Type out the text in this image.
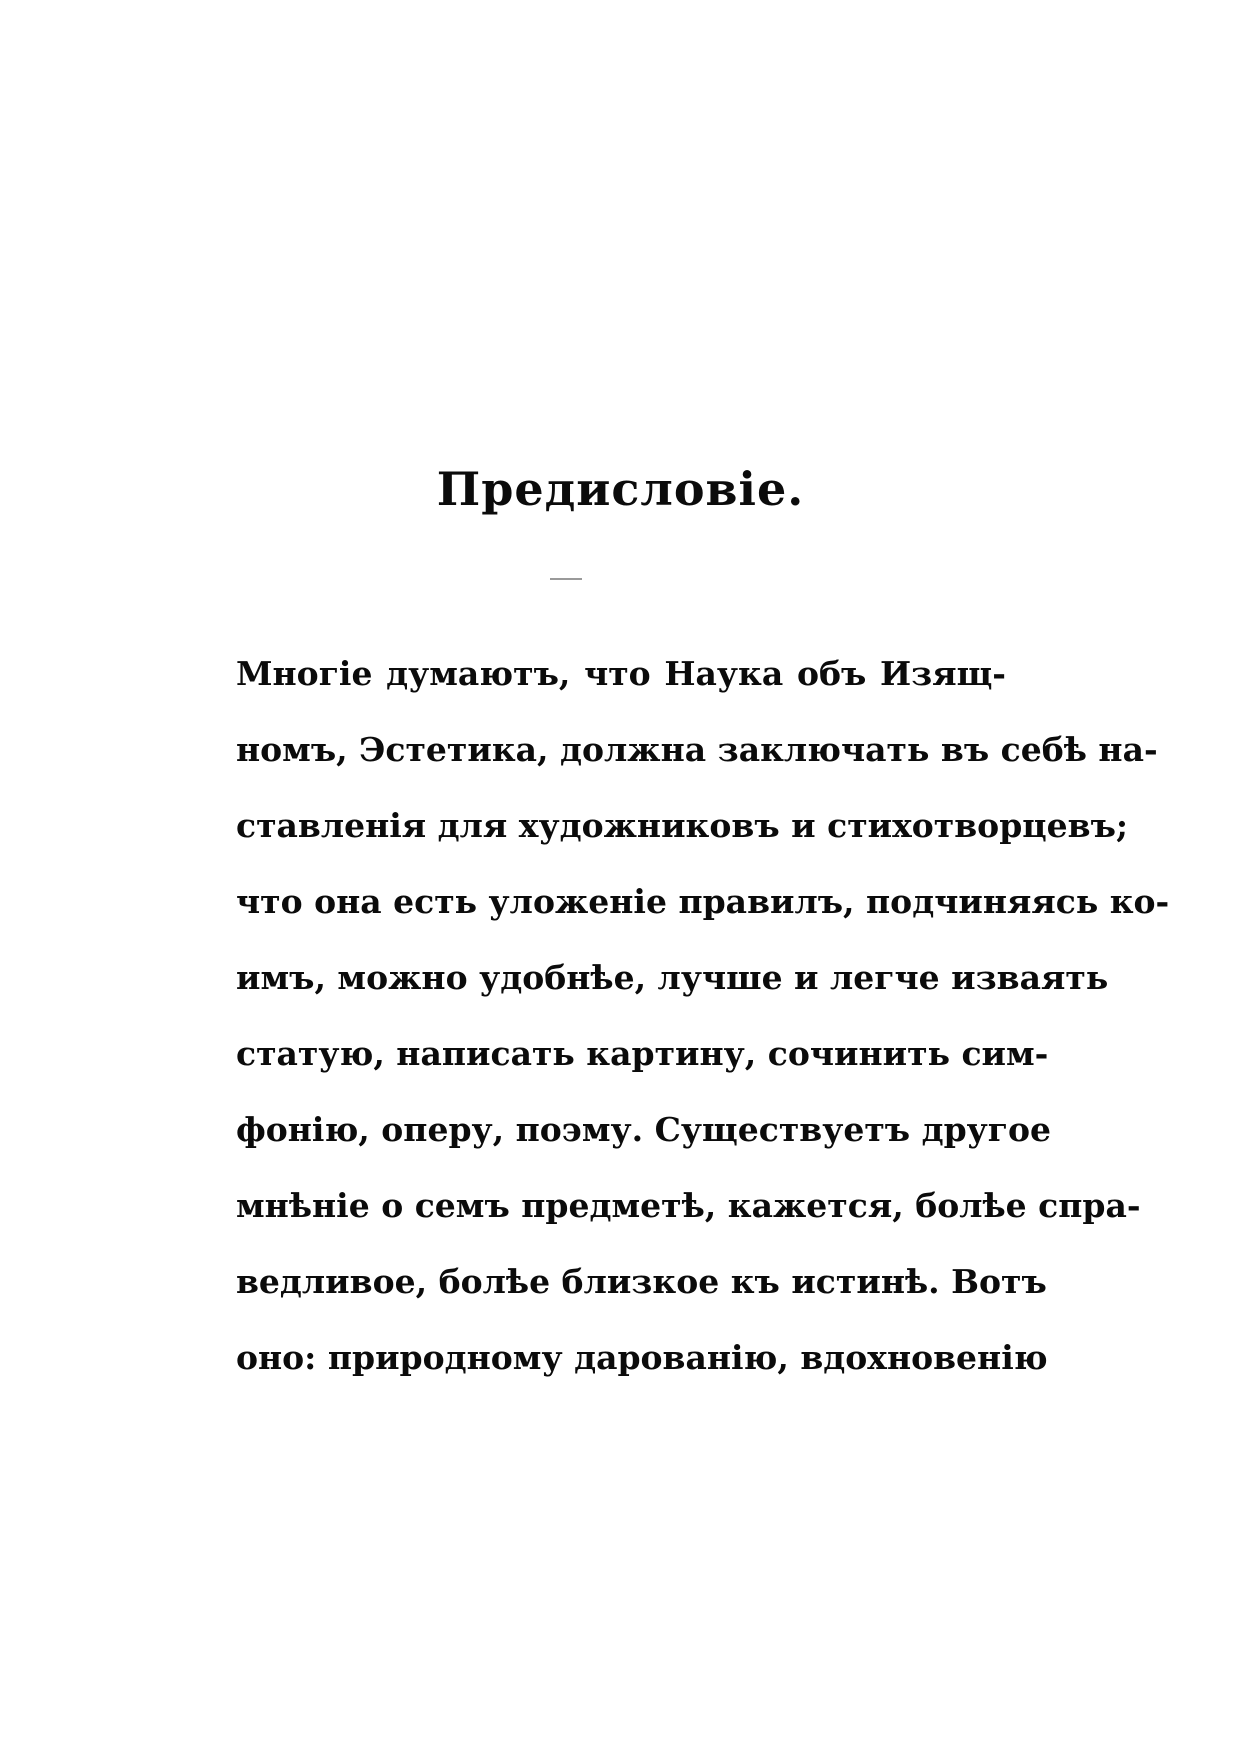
Предисловіе.
Многіе думаютъ, что Наука объ Изящ-
номъ, Эстетика, должна заключать въ себѣ на-
ставленія для художниковъ и стихотворцевъ;
что она есть уложеніе правилъ, подчиняясь ко-
имъ, можно удобнѣе, лучше и легче изваять
статую, написать картину, сочинить сим-
фонію, оперу, поэму. Существуетъ другое
мнѣніе о семъ предметѣ, кажется, болѣе спра-
ведливое, болѣе близкое къ истинѣ. Вотъ
оно: природному дарованію, вдохновенію
